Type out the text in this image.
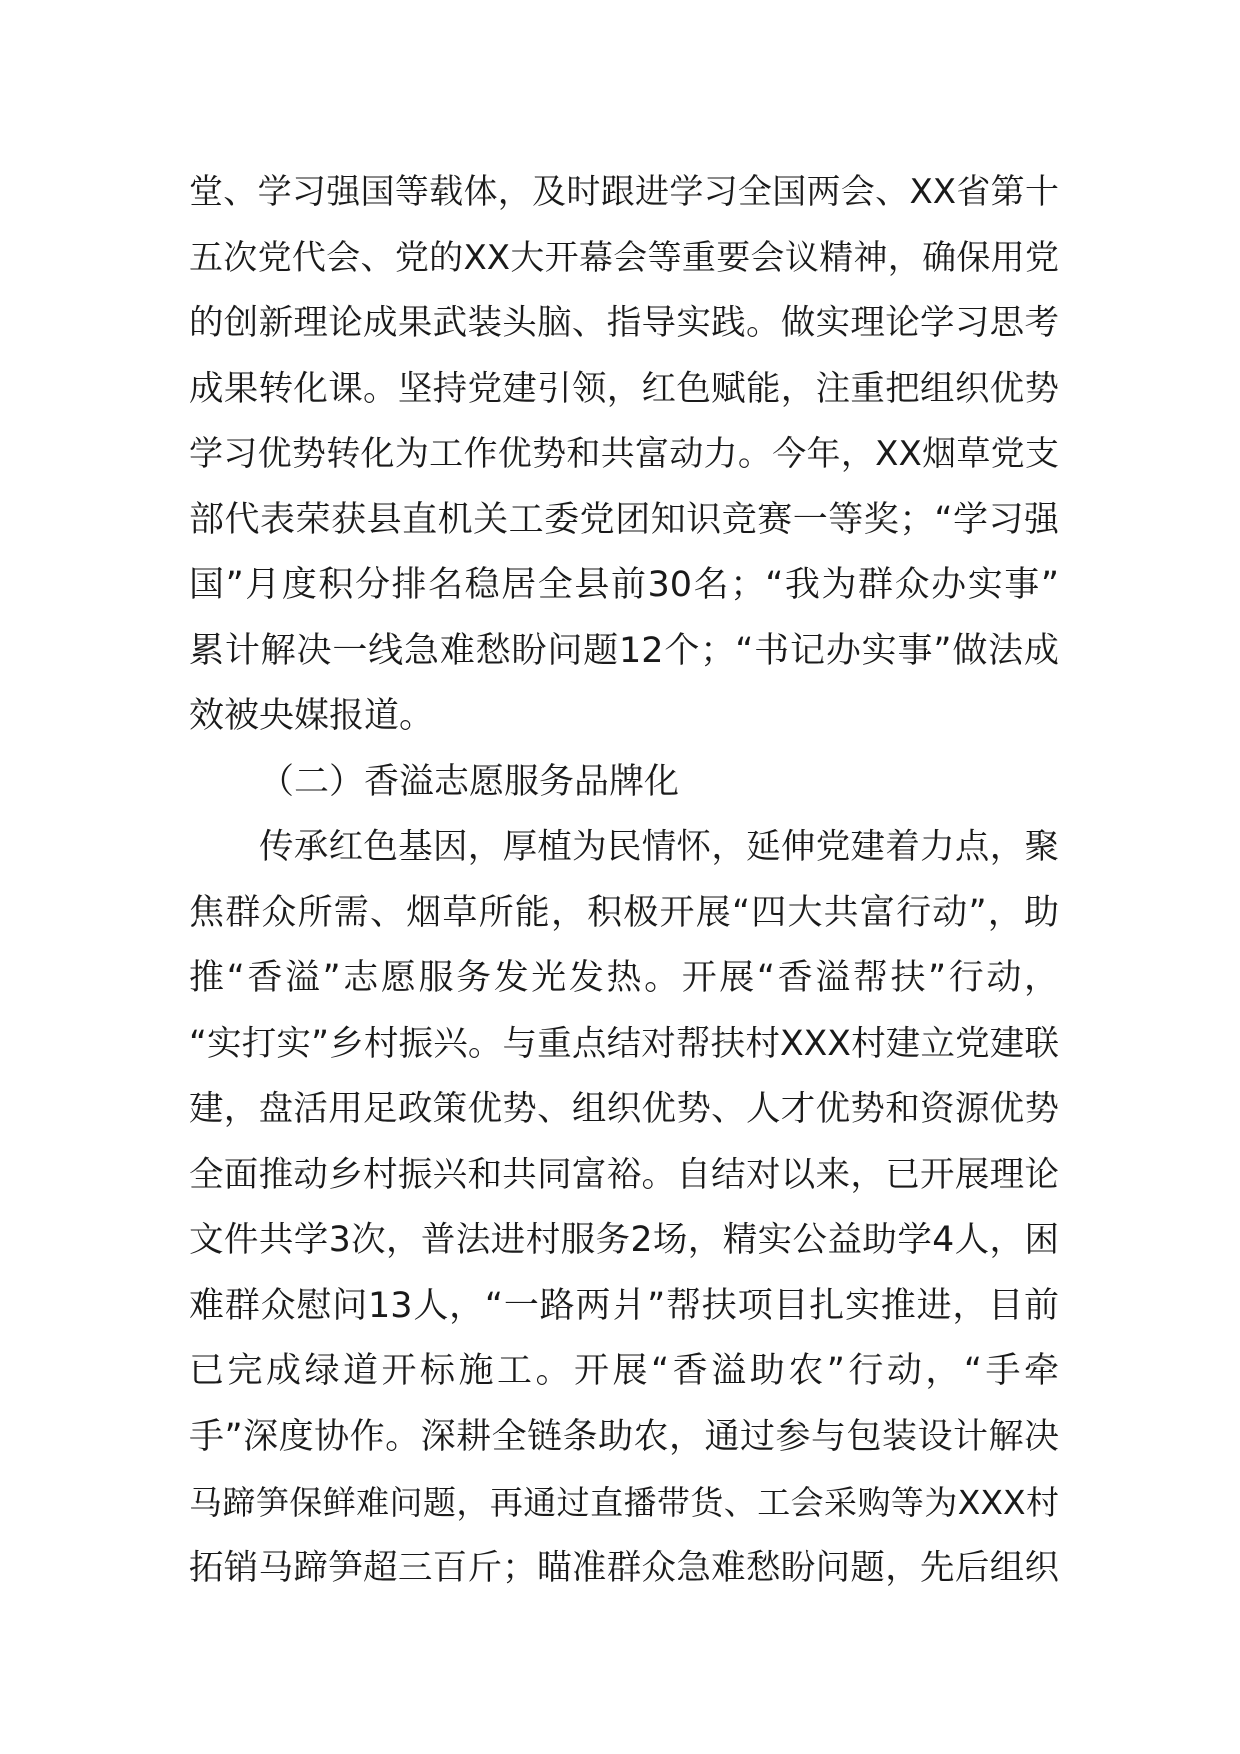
堂、学习强国等载体，及时跟进学习全国两会、XX省第十
五次党代会、党的XX大开幕会等重要会议精神，确保用党
的创新理论成果武装头脑、指导实践。做实理论学习思考
成果转化课。坚持党建引领，红色赋能，注重把组织优势
学习优势转化为工作优势和共富动力。今年，XX烟草党支
部代表荣获县直机关工委党团知识竞赛一等奖；“学习强
国”月度积分排名稳居全县前30名；“我为群众办实事”
累计解决一线急难愁盼问题12个；“书记办实事”做法成
效被央媒报道。
（二）香溢志愿服务品牌化
传承红色基因，厚植为民情怀，延伸党建着力点，聚
焦群众所需、烟草所能，积极开展“四大共富行动”，助
推“香溢”志愿服务发光发热。开展“香溢帮扶”行动，
“实打实”乡村振兴。与重点结对帮扶村XXX村建立党建联
建，盘活用足政策优势、组织优势、人才优势和资源优势
全面推动乡村振兴和共同富裕。自结对以来，已开展理论
文件共学3次，普法进村服务2场，精实公益助学4人，困
难群众慰问13人，“一路两爿”帮扶项目扎实推进，目前
已完成绿道开标施工。开展“香溢助农”行动，“手牵
手”深度协作。深耕全链条助农，通过参与包装设计解决
马蹄笋保鲜难问题，再通过直播带货、工会采购等为XXX村
拓销马蹄笋超三百斤；瞄准群众急难愁盼问题，先后组织
